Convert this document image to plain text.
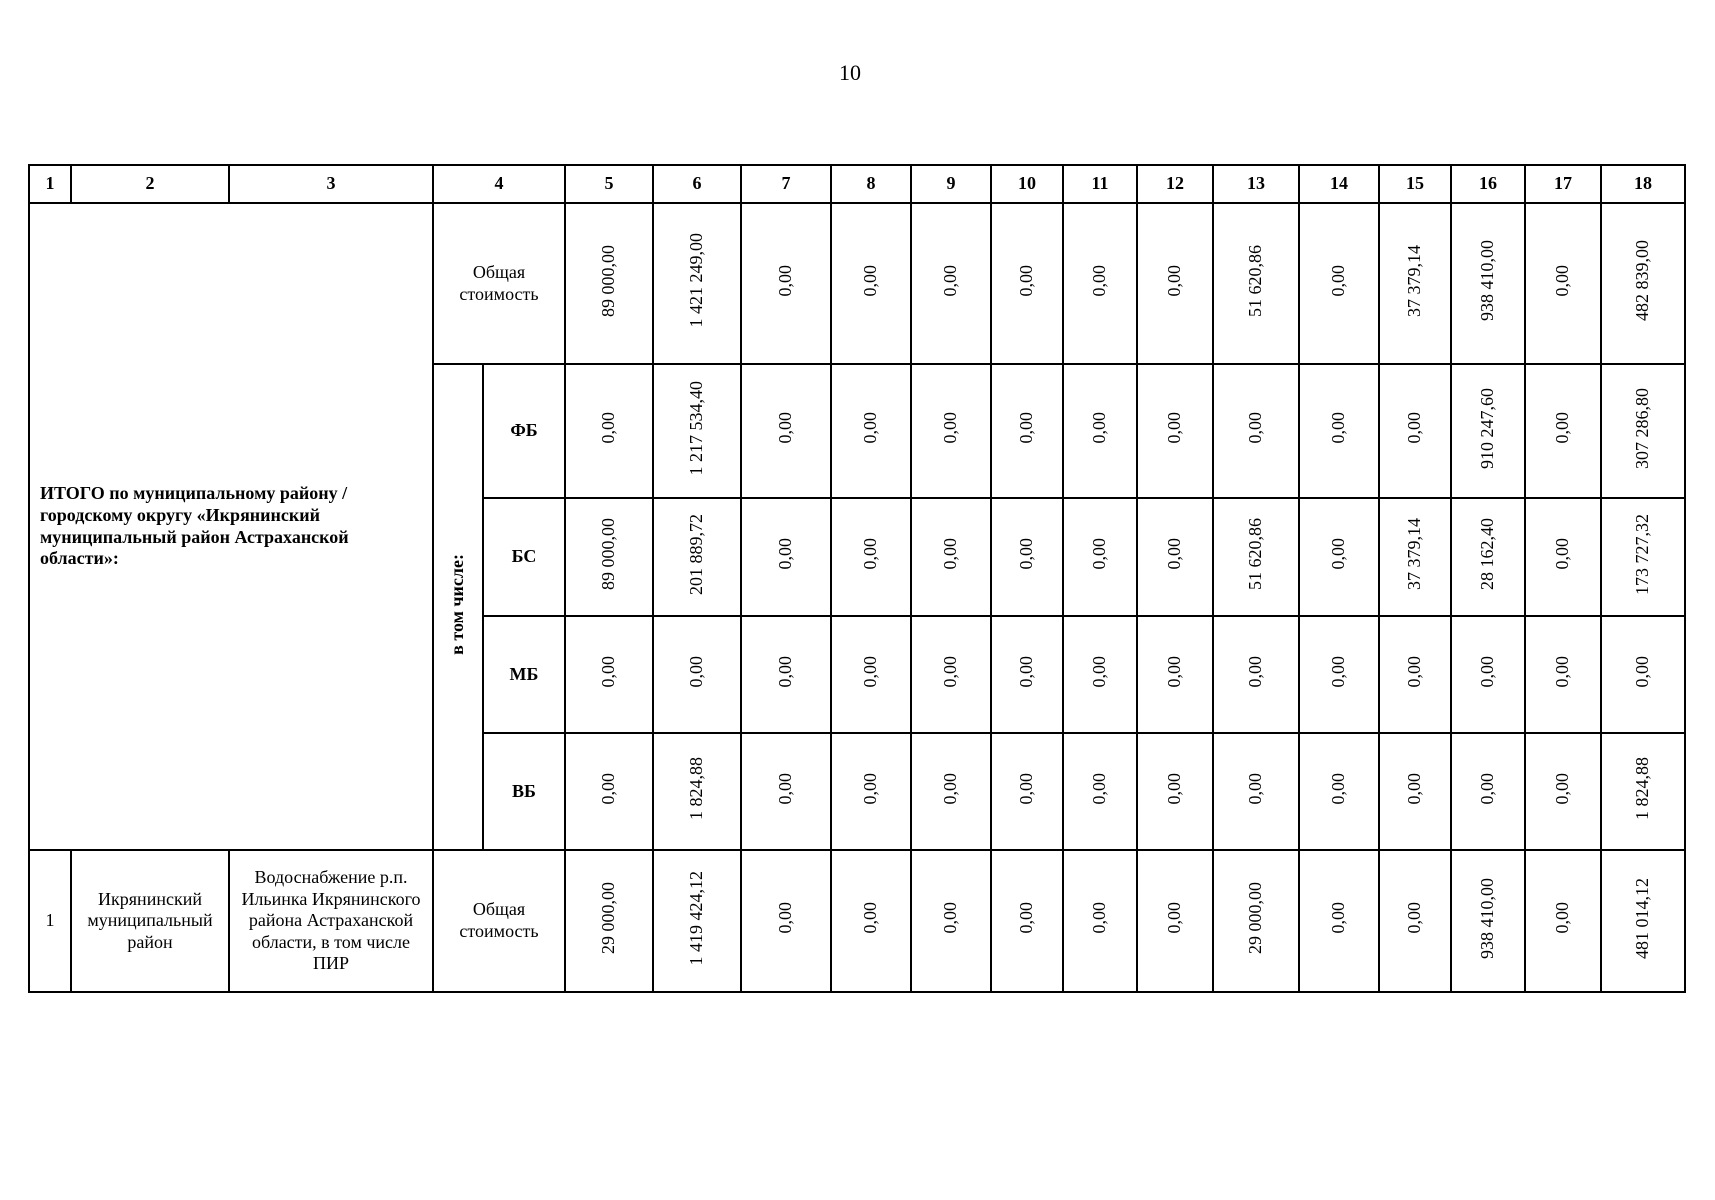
10
1	2	3	4		5	6	7	8	9	10	11	12	13	14	15	16	17	18
ИТОГО по муниципальному району / городскому округу «Икрянинский муниципальный район Астраханской области»:			Общая стоимость		89 000,00	1 421 249,00	0,00	0,00	0,00	0,00	0,00	0,00	51 620,86	0,00	37 379,14	938 410,00	0,00	482 839,00
			в том числе:	ФБ	0,00	1 217 534,40	0,00	0,00	0,00	0,00	0,00	0,00	0,00	0,00	0,00	910 247,60	0,00	307 286,80
				БС	89 000,00	201 889,72	0,00	0,00	0,00	0,00	0,00	0,00	51 620,86	0,00	37 379,14	28 162,40	0,00	173 727,32
				МБ	0,00	0,00	0,00	0,00	0,00	0,00	0,00	0,00	0,00	0,00	0,00	0,00	0,00	0,00
				ВБ	0,00	1 824,88	0,00	0,00	0,00	0,00	0,00	0,00	0,00	0,00	0,00	0,00	0,00	1 824,88
1	Икрянинский муниципальный район	Водоснабжение р.п. Ильинка Икрянинского района Астраханской области, в том числе ПИР	Общая стоимость		29 000,00	1 419 424,12	0,00	0,00	0,00	0,00	0,00	0,00	29 000,00	0,00	0,00	938 410,00	0,00	481 014,12
